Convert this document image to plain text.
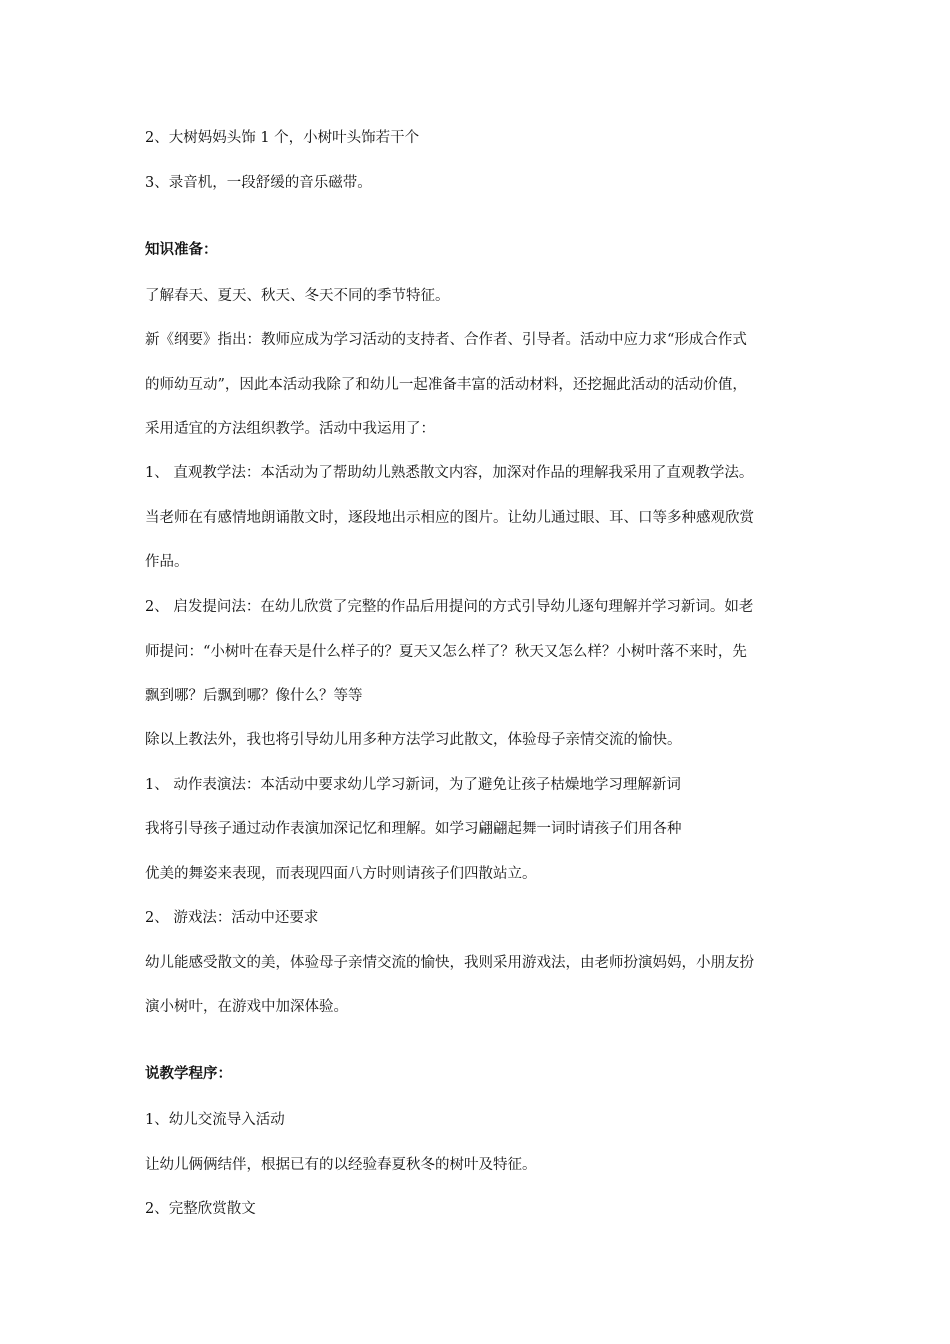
2、大树妈妈头饰 1 个，小树叶头饰若干个

3、录音机，一段舒缓的音乐磁带。

知识准备：

了解春天、夏天、秋天、冬天不同的季节特征。

新《纲要》指出：教师应成为学习活动的支持者、合作者、引导者。活动中应力求“形成合作式

的师幼互动”，因此本活动我除了和幼儿一起准备丰富的活动材料，还挖掘此活动的活动价值，

采用适宜的方法组织教学。活动中我运用了：

1、 直观教学法：本活动为了帮助幼儿熟悉散文内容，加深对作品的理解我采用了直观教学法。

当老师在有感情地朗诵散文时，逐段地出示相应的图片。让幼儿通过眼、耳、口等多种感观欣赏

作品。

2、 启发提问法：在幼儿欣赏了完整的作品后用提问的方式引导幼儿逐句理解并学习新词。如老

师提问：“小树叶在春天是什么样子的？夏天又怎么样了？秋天又怎么样？小树叶落不来时，先

飘到哪？后飘到哪？像什么？等等

除以上教法外，我也将引导幼儿用多种方法学习此散文，体验母子亲情交流的愉快。

1、 动作表演法：本活动中要求幼儿学习新词，为了避免让孩子枯燥地学习理解新词

我将引导孩子通过动作表演加深记忆和理解。如学习翩翩起舞一词时请孩子们用各种

优美的舞姿来表现，而表现四面八方时则请孩子们四散站立。

2、 游戏法：活动中还要求

幼儿能感受散文的美，体验母子亲情交流的愉快，我则采用游戏法，由老师扮演妈妈，小朋友扮

演小树叶，在游戏中加深体验。

说教学程序：

1、幼儿交流导入活动

让幼儿俩俩结伴，根据已有的以经验春夏秋冬的树叶及特征。

2、完整欣赏散文
